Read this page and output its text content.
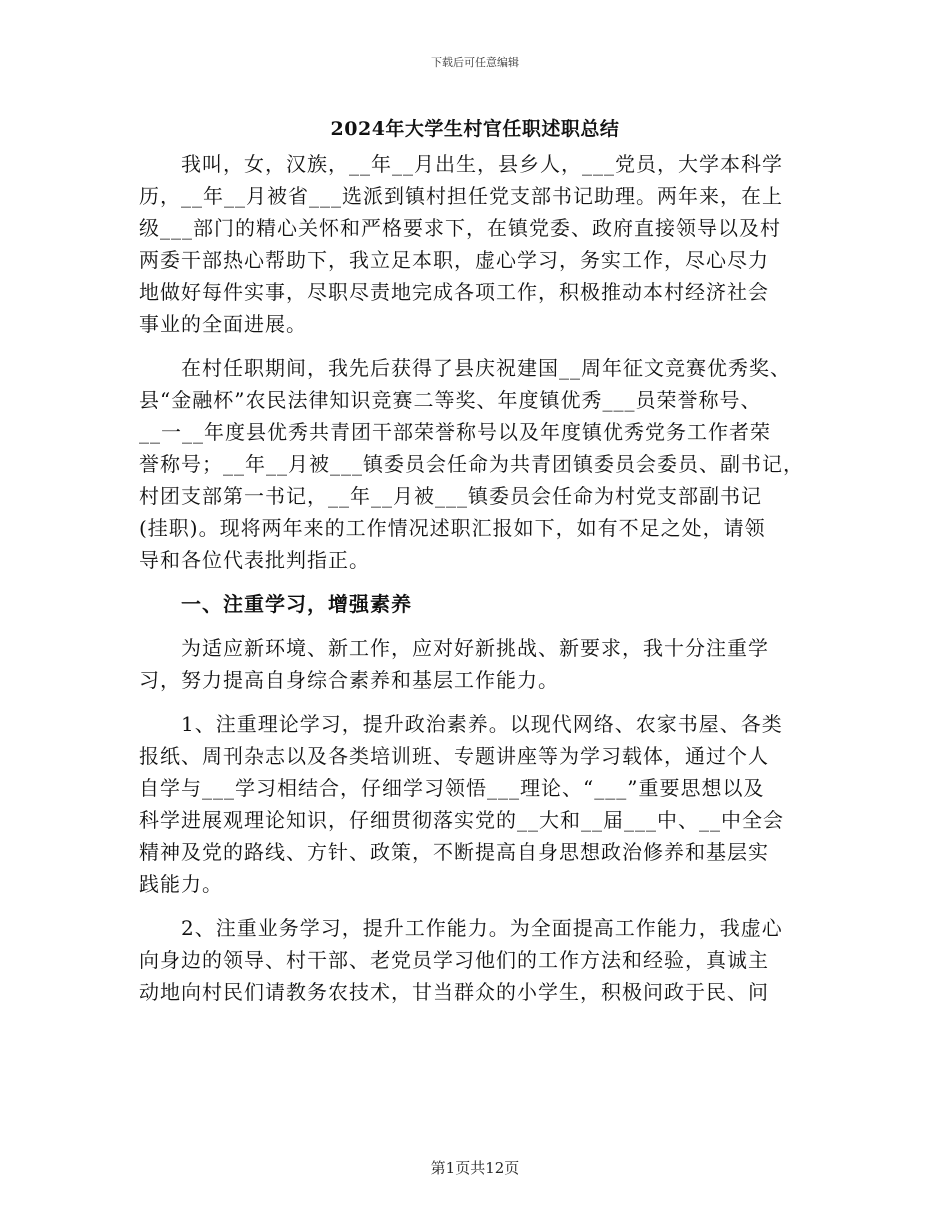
下载后可任意编辑
2024年大学生村官任职述职总结

　　我叫，女，汉族，__年__月出生，县乡人，___党员，大学本科学
历，__年__月被省___选派到镇村担任党支部书记助理。两年来，在上
级___部门的精心关怀和严格要求下，在镇党委、政府直接领导以及村
两委干部热心帮助下，我立足本职，虚心学习，务实工作，尽心尽力
地做好每件实事，尽职尽责地完成各项工作，积极推动本村经济社会
事业的全面进展。

　　在村任职期间，我先后获得了县庆祝建国__周年征文竞赛优秀奖、
县“金融杯”农民法律知识竞赛二等奖、年度镇优秀___员荣誉称号、
__一__年度县优秀共青团干部荣誉称号以及年度镇优秀党务工作者荣
誉称号；__年__月被___镇委员会任命为共青团镇委员会委员、副书记，
村团支部第一书记，__年__月被___镇委员会任命为村党支部副书记
(挂职)。现将两年来的工作情况述职汇报如下，如有不足之处，请领
导和各位代表批判指正。

　　一、注重学习，增强素养

　　为适应新环境、新工作，应对好新挑战、新要求，我十分注重学
习，努力提高自身综合素养和基层工作能力。

　　1、注重理论学习，提升政治素养。以现代网络、农家书屋、各类
报纸、周刊杂志以及各类培训班、专题讲座等为学习载体，通过个人
自学与___学习相结合，仔细学习领悟___理论、“___”重要思想以及
科学进展观理论知识，仔细贯彻落实党的__大和__届___中、__中全会
精神及党的路线、方针、政策，不断提高自身思想政治修养和基层实
践能力。

　　2、注重业务学习，提升工作能力。为全面提高工作能力，我虚心
向身边的领导、村干部、老党员学习他们的工作方法和经验，真诚主
动地向村民们请教务农技术，甘当群众的小学生，积极问政于民、问

第1页共12页
